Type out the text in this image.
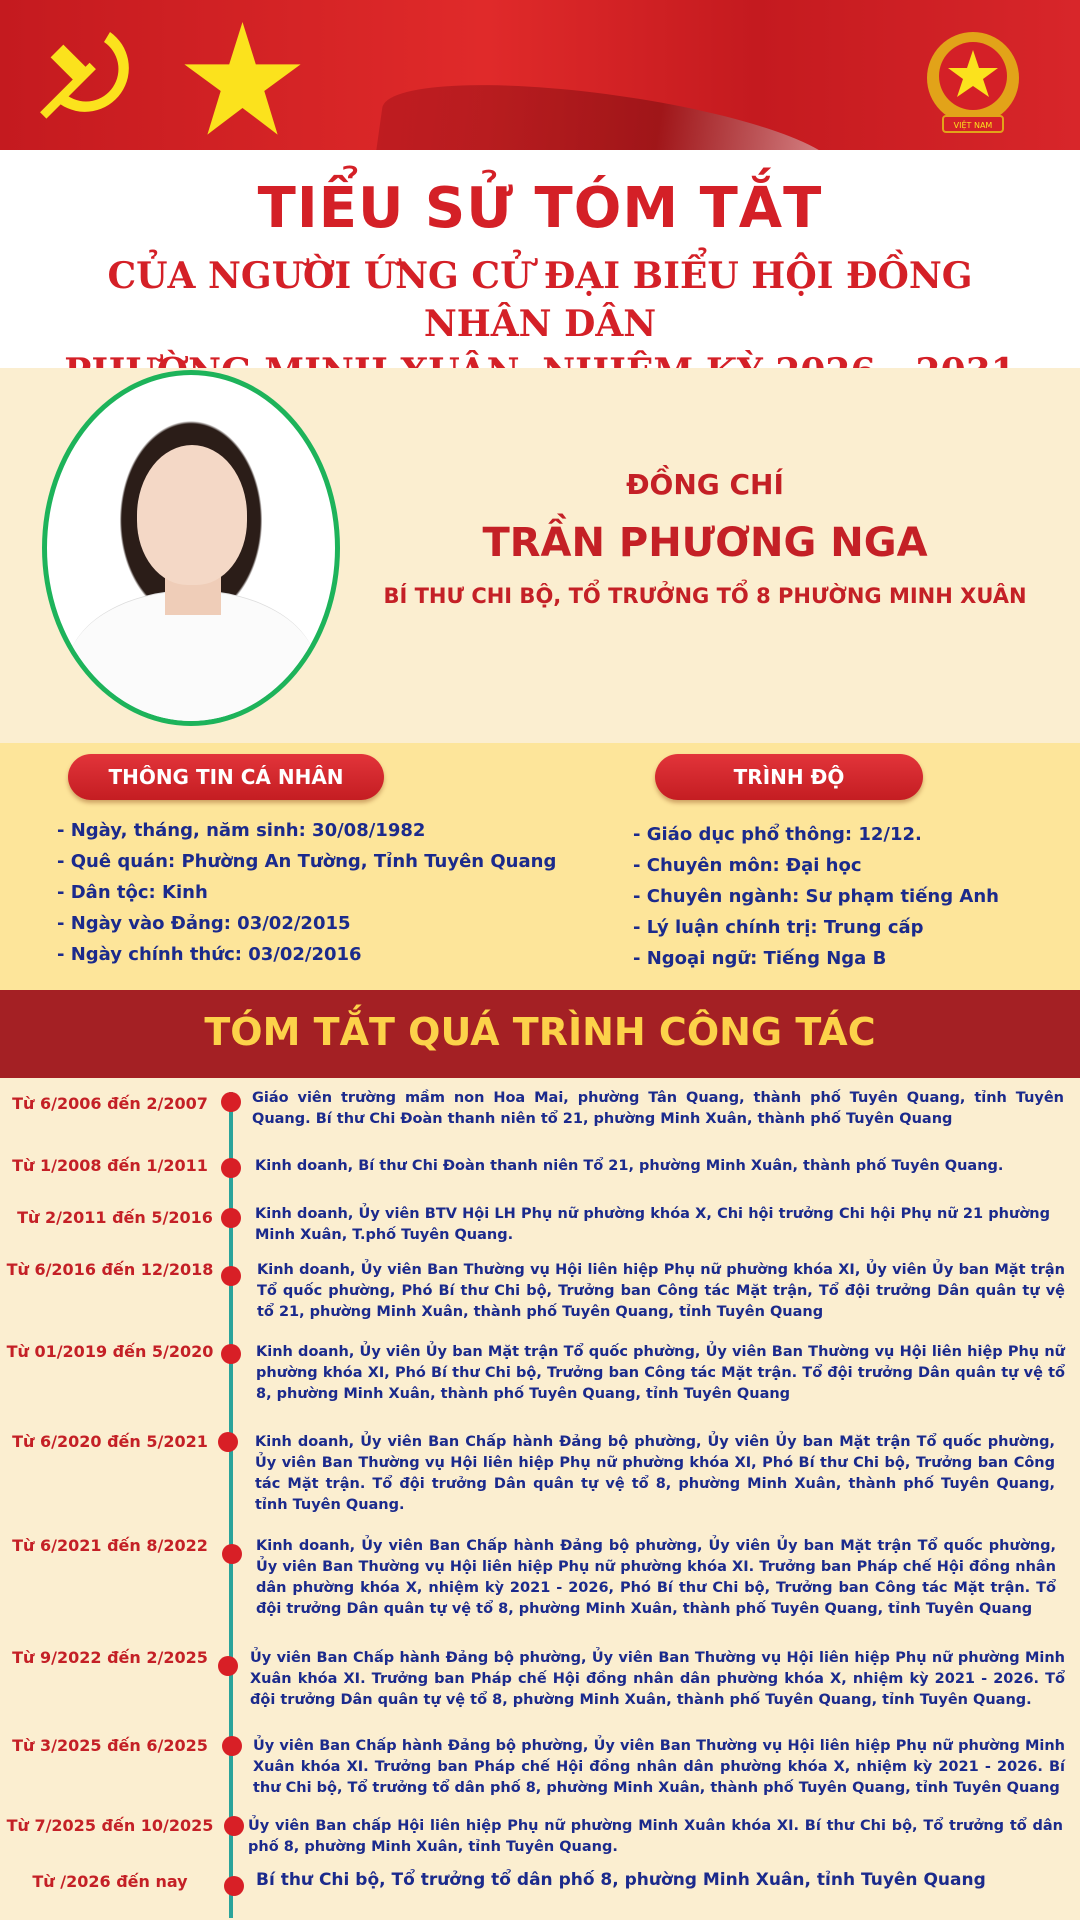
VIỆT NAM
TIỂU SỬ TÓM TẮT
CỦA NGƯỜI ỨNG CỬ ĐẠI BIỂU HỘI ĐỒNG NHÂN DÂN
ĐỒNG CHÍ
TRẦN PHƯƠNG NGA
BÍ THƯ CHI BỘ, TỔ TRƯỞNG TỔ 8 PHƯỜNG MINH XUÂN
THÔNG TIN CÁ NHÂN	TRÌNH ĐỘ
- Ngày, tháng, năm sinh: 30/08/1982
- Quê quán: Phường An Tường, Tỉnh Tuyên Quang
- Dân tộc: Kinh
- Ngày vào Đảng: 03/02/2015
- Ngày chính thức: 03/02/2016
- Giáo dục phổ thông: 12/12.
- Chuyên môn: Đại học
- Chuyên ngành: Sư phạm tiếng Anh
- Lý luận chính trị: Trung cấp
- Ngoại ngữ: Tiếng Nga B
TÓM TẮT QUÁ TRÌNH CÔNG TÁC
Từ 6/2006 đến 2/2007	Giáo viên trường mầm non Hoa Mai, phường Tân Quang, thành phố Tuyên Quang, tỉnh Tuyên Quang. Bí thư Chi Đoàn thanh niên tổ 21, phường Minh Xuân, thành phố Tuyên Quang
Từ 1/2008 đến 1/2011	Kinh doanh, Bí thư Chi Đoàn thanh niên Tổ 21, phường Minh Xuân, thành phố Tuyên Quang.
Từ 2/2011 đến 5/2016	Kinh doanh, Ủy viên BTV Hội LH Phụ nữ phường khóa X, Chi hội trưởng Chi hội Phụ nữ 21 phường Minh Xuân, T.phố Tuyên Quang.
Từ 6/2016 đến 12/2018	Kinh doanh, Ủy viên Ban Thường vụ Hội liên hiệp Phụ nữ phường khóa XI, Ủy viên Ủy ban Mặt trận Tổ quốc phường, Phó Bí thư Chi bộ, Trưởng ban Công tác Mặt trận, Tổ đội trưởng Dân quân tự vệ tổ 21, phường Minh Xuân, thành phố Tuyên Quang, tỉnh Tuyên Quang
Từ 01/2019 đến 5/2020	Kinh doanh, Ủy viên Ủy ban Mặt trận Tổ quốc phường, Ủy viên Ban Thường vụ Hội liên hiệp Phụ nữ phường khóa XI, Phó Bí thư Chi bộ, Trưởng ban Công tác Mặt trận. Tổ đội trưởng Dân quân tự vệ tổ 8, phường Minh Xuân, thành phố Tuyên Quang, tỉnh Tuyên Quang
Từ 6/2020 đến 5/2021	Kinh doanh, Ủy viên Ban Chấp hành Đảng bộ phường, Ủy viên Ủy ban Mặt trận Tổ quốc phường, Ủy viên Ban Thường vụ Hội liên hiệp Phụ nữ phường khóa XI, Phó Bí thư Chi bộ, Trưởng ban Công tác Mặt trận. Tổ đội trưởng Dân quân tự vệ tổ 8, phường Minh Xuân, thành phố Tuyên Quang, tỉnh Tuyên Quang.
Từ 6/2021 đến 8/2022	Kinh doanh, Ủy viên Ban Chấp hành Đảng bộ phường, Ủy viên Ủy ban Mặt trận Tổ quốc phường, Ủy viên Ban Thường vụ Hội liên hiệp Phụ nữ phường khóa XI. Trưởng ban Pháp chế Hội đồng nhân dân phường khóa X, nhiệm kỳ 2021 - 2026, Phó Bí thư Chi bộ, Trưởng ban Công tác Mặt trận. Tổ đội trưởng Dân quân tự vệ tổ 8, phường Minh Xuân, thành phố Tuyên Quang, tỉnh Tuyên Quang
Từ 9/2022 đến 2/2025	Ủy viên Ban Chấp hành Đảng bộ phường, Ủy viên Ban Thường vụ Hội liên hiệp Phụ nữ phường Minh Xuân khóa XI. Trưởng ban Pháp chế Hội đồng nhân dân phường khóa X, nhiệm kỳ 2021 - 2026. Tổ đội trưởng Dân quân tự vệ tổ 8, phường Minh Xuân, thành phố Tuyên Quang, tỉnh Tuyên Quang.
Từ 3/2025 đến 6/2025	Ủy viên Ban Chấp hành Đảng bộ phường, Ủy viên Ban Thường vụ Hội liên hiệp Phụ nữ phường Minh Xuân khóa XI. Trưởng ban Pháp chế Hội đồng nhân dân phường khóa X, nhiệm kỳ 2021 - 2026. Bí thư Chi bộ, Tổ trưởng tổ dân phố 8, phường Minh Xuân, thành phố Tuyên Quang, tỉnh Tuyên Quang
Từ 7/2025 đến 10/2025	Ủy viên Ban chấp Hội liên hiệp Phụ nữ phường Minh Xuân khóa XI. Bí thư Chi bộ, Tổ trưởng tổ dân phố 8, phường Minh Xuân, tỉnh Tuyên Quang.
Từ /2026 đến nay	Bí thư Chi bộ, Tổ trưởng tổ dân phố 8, phường Minh Xuân, tỉnh Tuyên Quang
